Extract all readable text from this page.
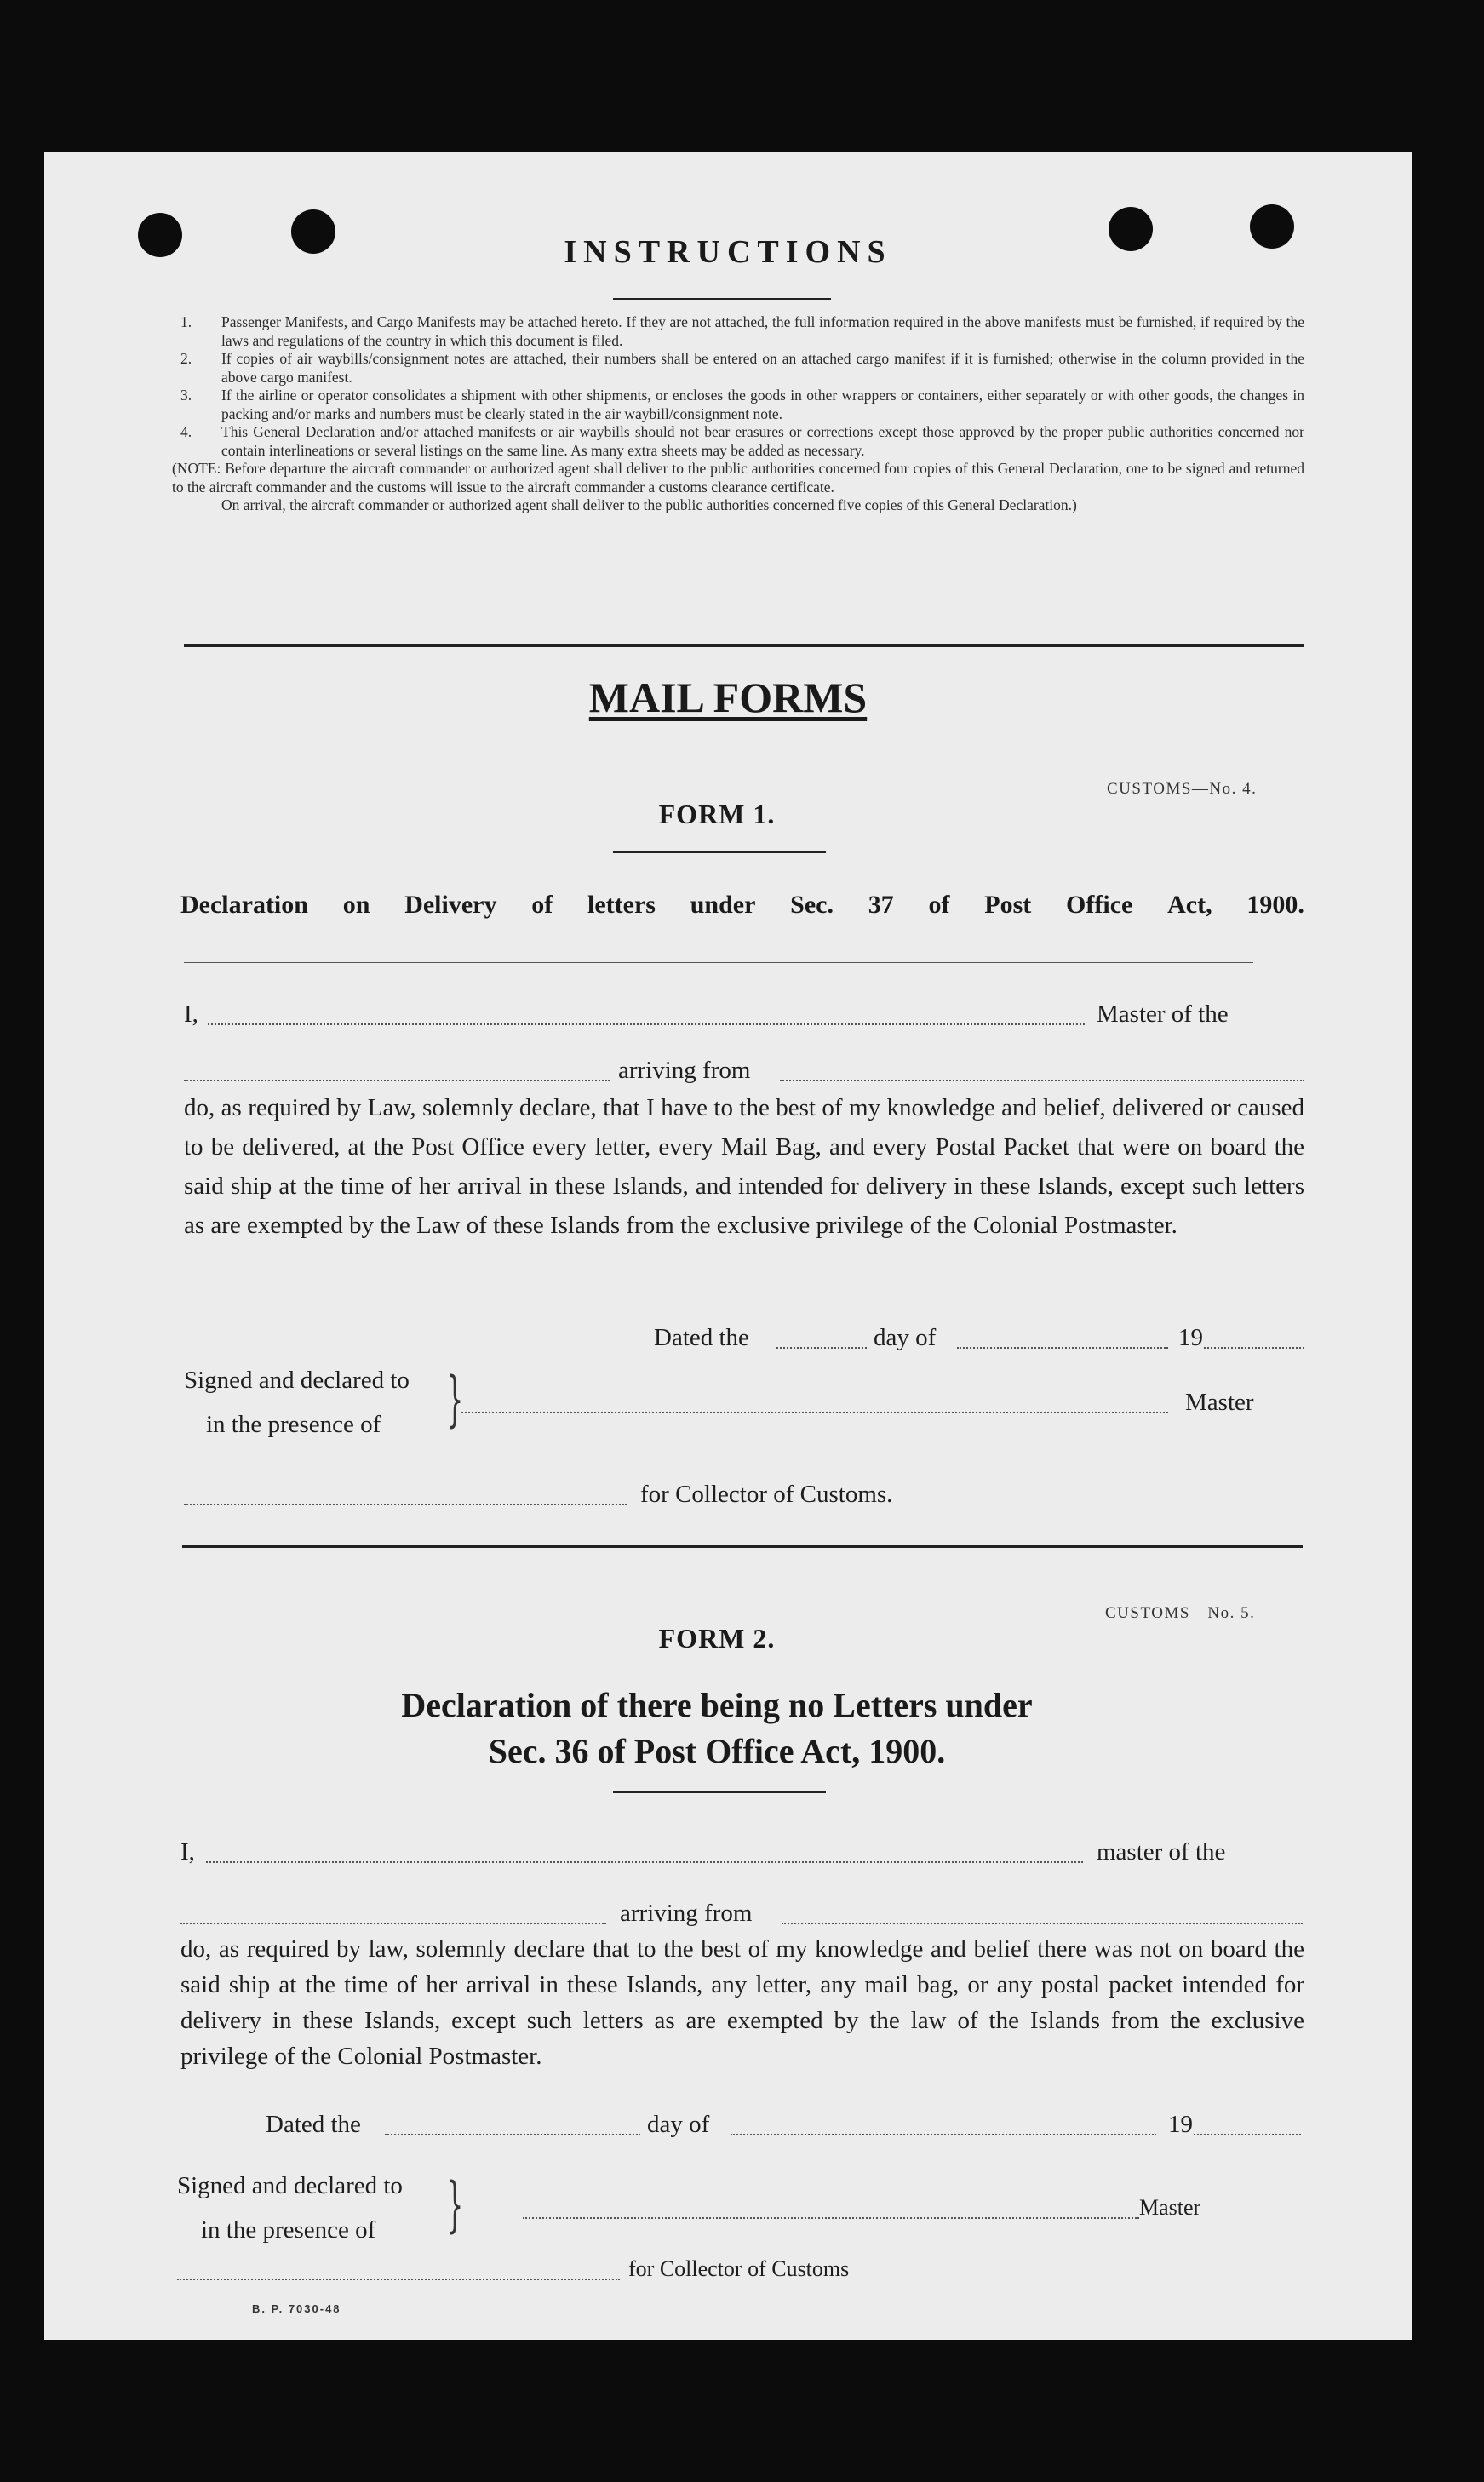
INSTRUCTIONS
1. Passenger Manifests, and Cargo Manifests may be attached hereto. If they are not attached, the full information required in the above manifests must be furnished, if required by the laws and regulations of the country in which this document is filed.
2. If copies of air waybills/consignment notes are attached, their numbers shall be entered on an attached cargo manifest if it is furnished; otherwise in the column provided in the above cargo manifest.
3. If the airline or operator consolidates a shipment with other shipments, or encloses the goods in other wrappers or containers, either separately or with other goods, the changes in packing and/or marks and numbers must be clearly stated in the air waybill/consignment note.
4. This General Declaration and/or attached manifests or air waybills should not bear erasures or corrections except those approved by the proper public authorities concerned nor contain interlineations or several listings on the same line. As many extra sheets may be added as necessary.
(NOTE: Before departure the aircraft commander or authorized agent shall deliver to the public authorities concerned four copies of this General Declaration, one to be signed and returned to the aircraft commander and the customs will issue to the aircraft commander a customs clearance certificate.
On arrival, the aircraft commander or authorized agent shall deliver to the public authorities concerned five copies of this General Declaration.)
MAIL FORMS
CUSTOMS—No. 4.
FORM 1.
Declaration on Delivery of letters under Sec. 37 of Post Office Act, 1900.
I,	Master of the
arriving from
do, as required by Law, solemnly declare, that I have to the best of my knowledge and belief, delivered or caused to be delivered, at the Post Office every letter, every Mail Bag, and every Postal Packet that were on board the said ship at the time of her arrival in these Islands, and intended for delivery in these Islands, except such letters as are exempted by the Law of these Islands from the exclusive privilege of the Colonial Postmaster.
Dated the	day of	19
Signed and declared to
in the presence of }	Master
for Collector of Customs.
CUSTOMS—No. 5.
FORM 2.
Declaration of there being no Letters under
Sec. 36 of Post Office Act, 1900.
I,	master of the
arriving from
do, as required by law, solemnly declare that to the best of my knowledge and belief there was not on board the said ship at the time of her arrival in these Islands, any letter, any mail bag, or any postal packet intended for delivery in these Islands, except such letters as are exempted by the law of the Islands from the exclusive privilege of the Colonial Postmaster.
Dated the	day of	19
Signed and declared to
in the presence of }	Master
for Collector of Customs
B. P. 7030-48
